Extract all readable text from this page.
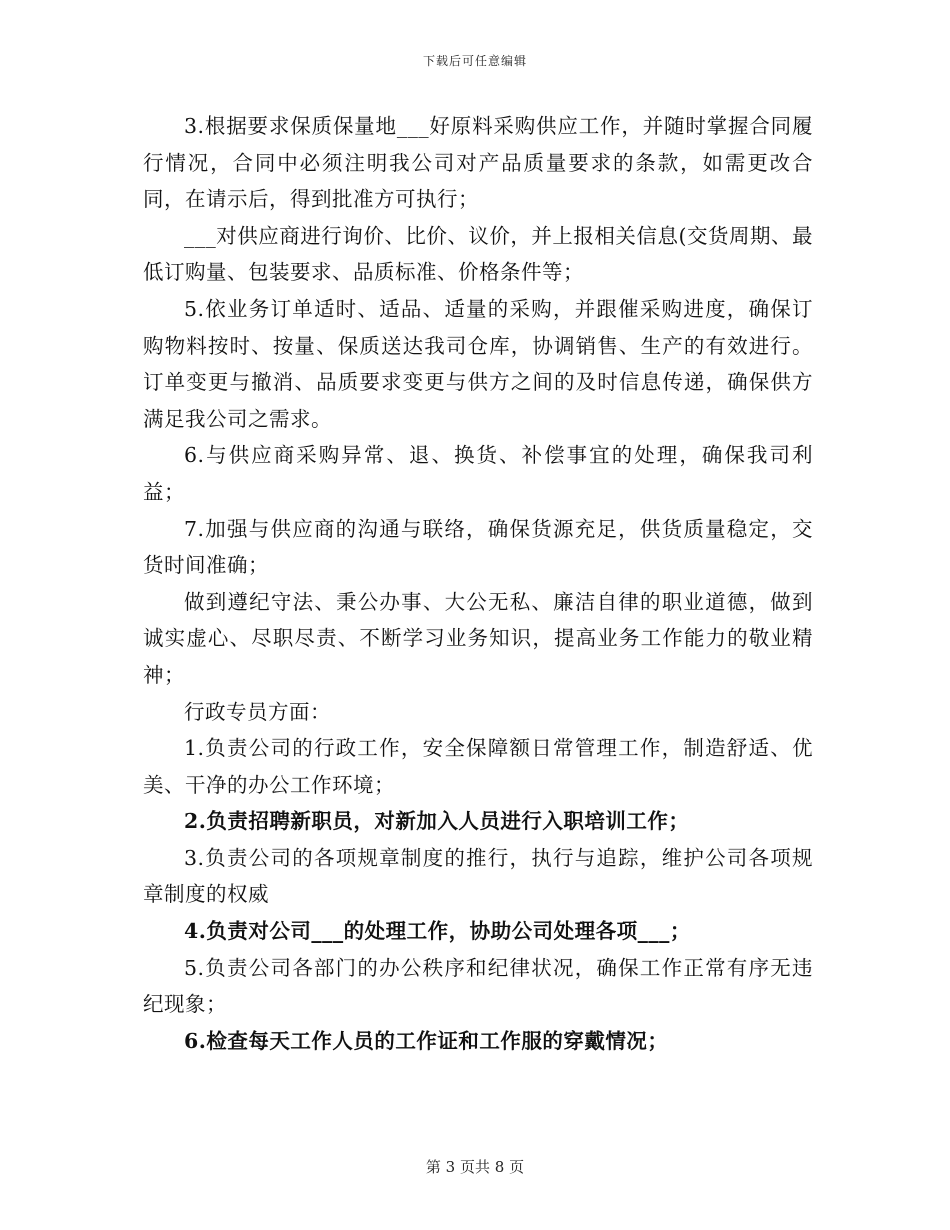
下载后可任意编辑

3.根据要求保质保量地___好原料采购供应工作，并随时掌握合同履行情况，合同中必须注明我公司对产品质量要求的条款，如需更改合同，在请示后，得到批准方可执行；

___对供应商进行询价、比价、议价，并上报相关信息(交货周期、最低订购量、包装要求、品质标准、价格条件等；

5.依业务订单适时、适品、适量的采购，并跟催采购进度，确保订购物料按时、按量、保质送达我司仓库，协调销售、生产的有效进行。订单变更与撤消、品质要求变更与供方之间的及时信息传递，确保供方满足我公司之需求。

6.与供应商采购异常、退、换货、补偿事宜的处理，确保我司利益；

7.加强与供应商的沟通与联络，确保货源充足，供货质量稳定，交货时间准确；

做到遵纪守法、秉公办事、大公无私、廉洁自律的职业道德，做到诚实虚心、尽职尽责、不断学习业务知识，提高业务工作能力的敬业精神；

行政专员方面：

1.负责公司的行政工作，安全保障额日常管理工作，制造舒适、优美、干净的办公工作环境；

2.负责招聘新职员，对新加入人员进行入职培训工作；

3.负责公司的各项规章制度的推行，执行与追踪，维护公司各项规章制度的权威

4.负责对公司___的处理工作，协助公司处理各项___；

5.负责公司各部门的办公秩序和纪律状况，确保工作正常有序无违纪现象；

6.检查每天工作人员的工作证和工作服的穿戴情况；

第 3 页共 8 页
